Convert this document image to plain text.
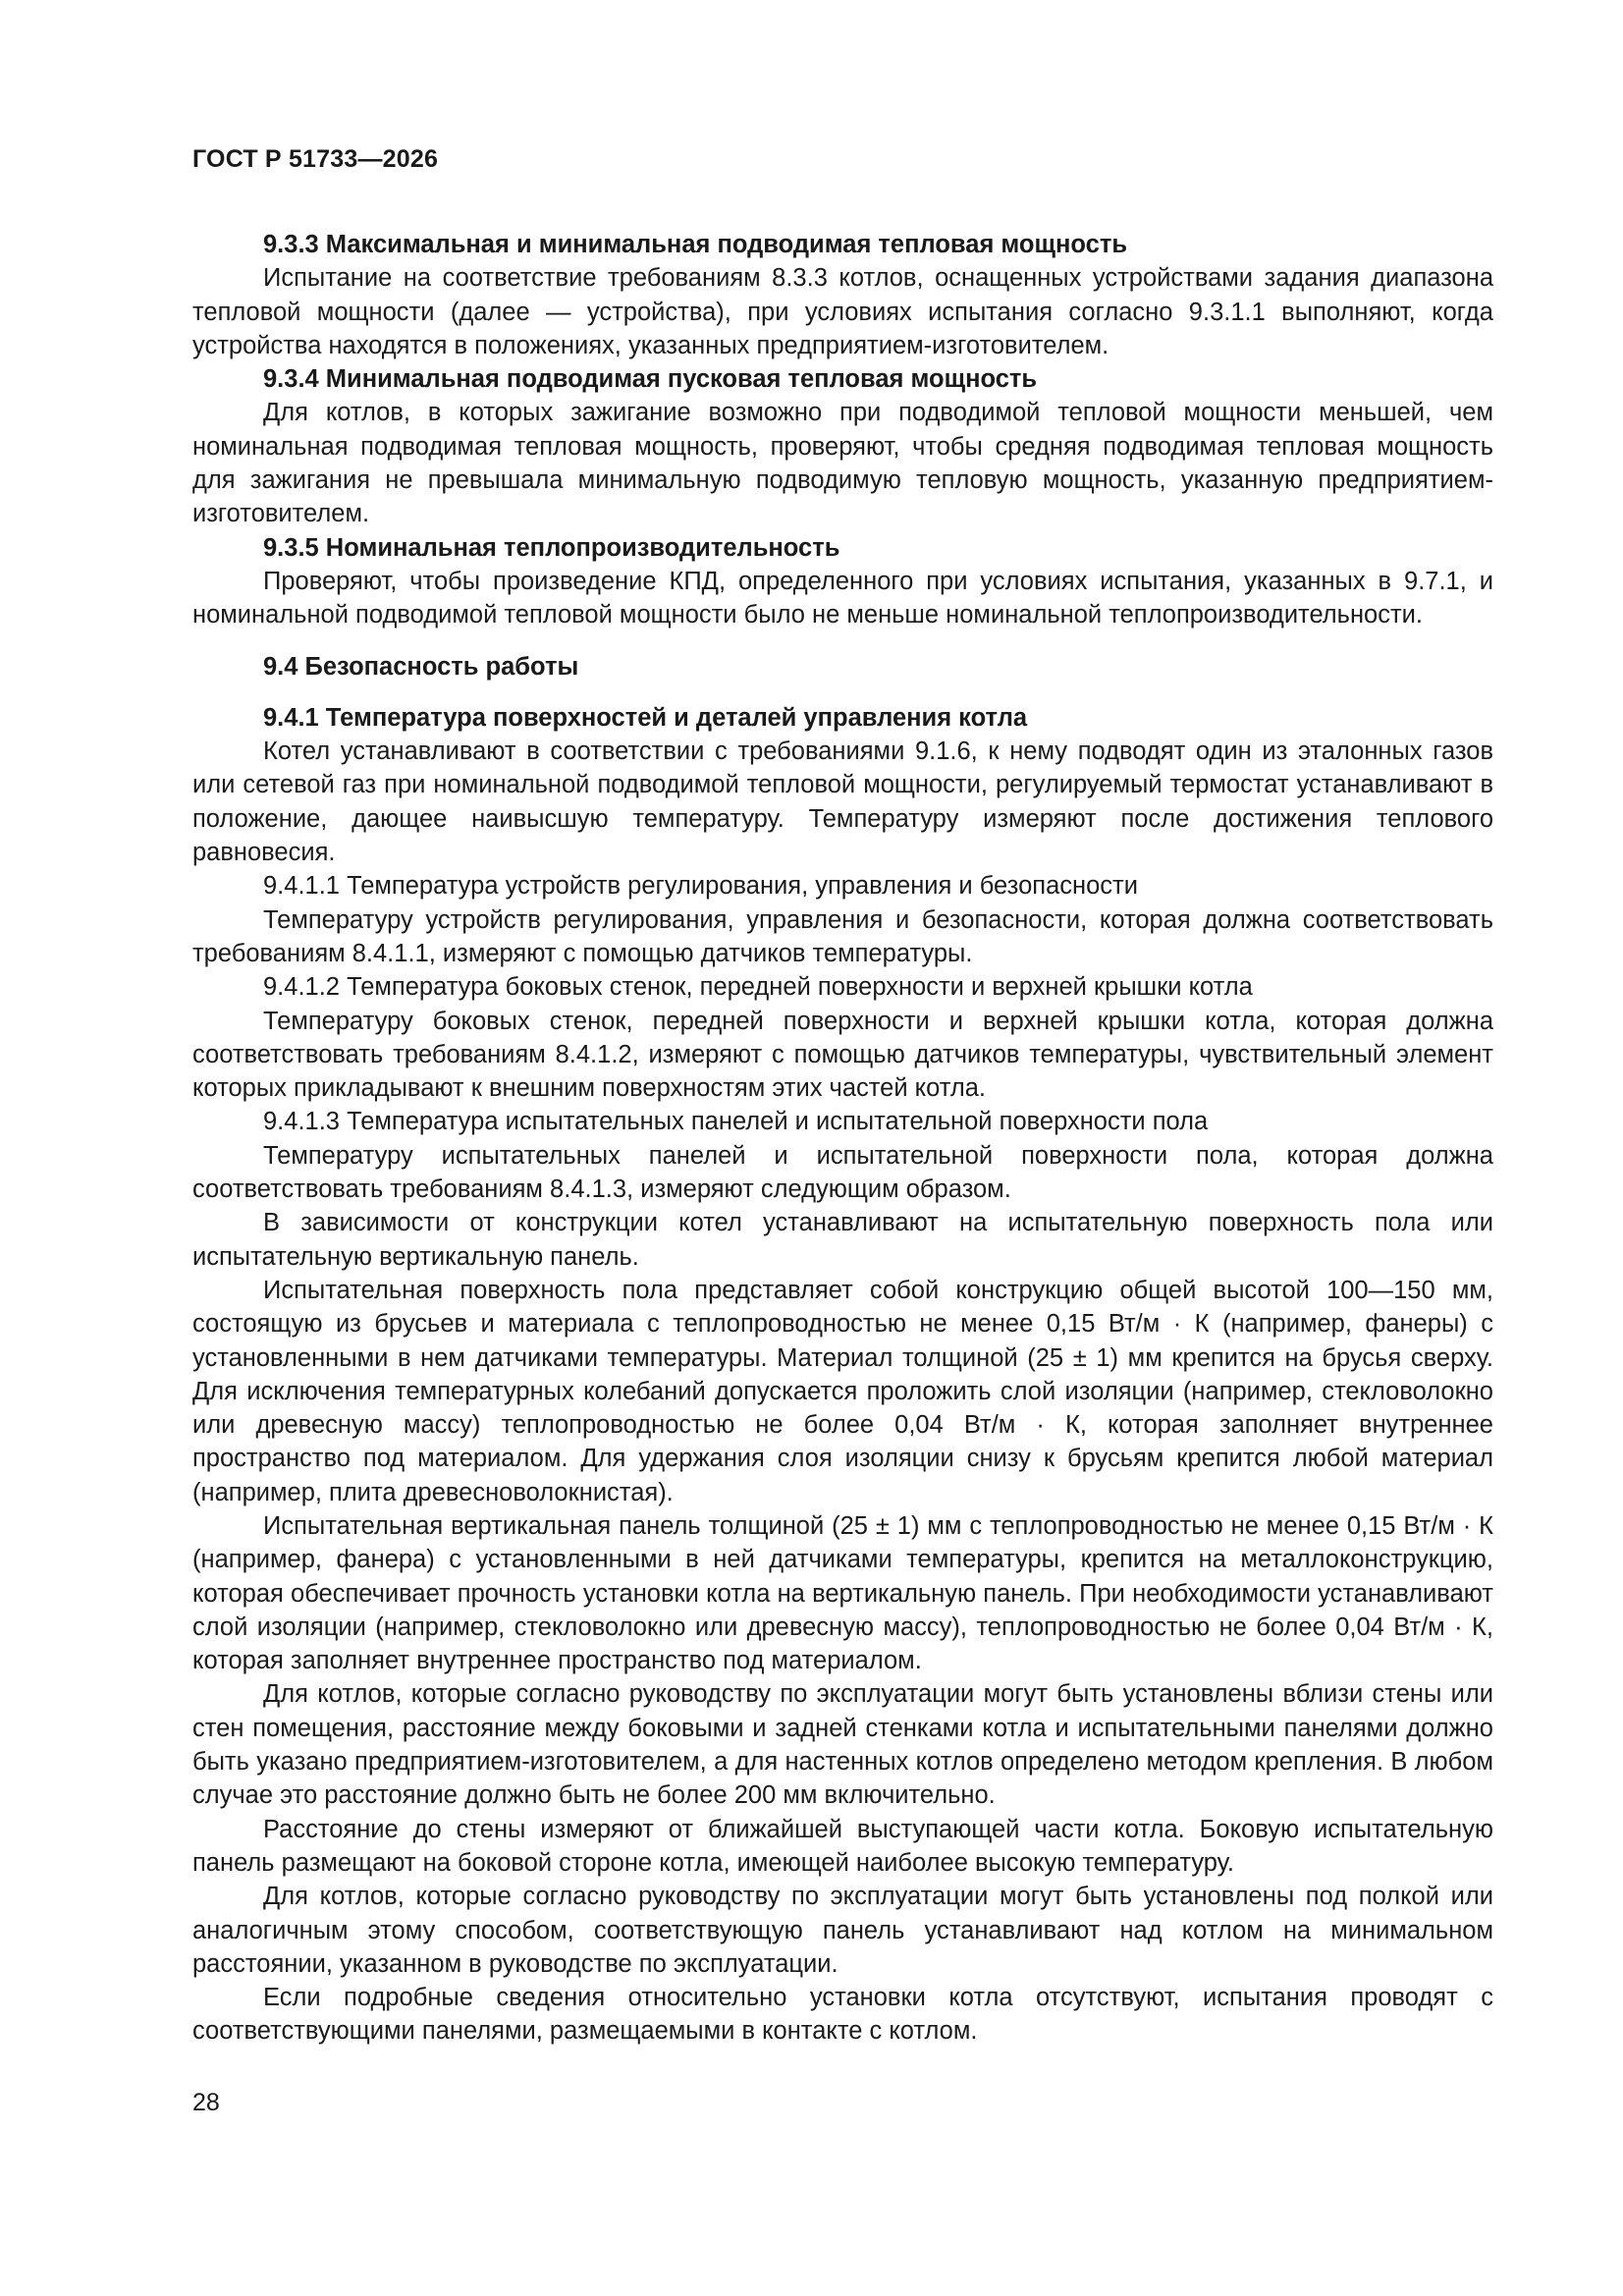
ГОСТ Р 51733—2026

9.3.3 Максимальная и минимальная подводимая тепловая мощность

Испытание на соответствие требованиям 8.3.3 котлов, оснащенных устройствами задания диапазона тепловой мощности (далее — устройства), при условиях испытания согласно 9.3.1.1 выполняют, когда устройства находятся в положениях, указанных предприятием-изготовителем.

9.3.4 Минимальная подводимая пусковая тепловая мощность

Для котлов, в которых зажигание возможно при подводимой тепловой мощности меньшей, чем номинальная подводимая тепловая мощность, проверяют, чтобы средняя подводимая тепловая мощность для зажигания не превышала минимальную подводимую тепловую мощность, указанную предприятием-изготовителем.

9.3.5 Номинальная теплопроизводительность

Проверяют, чтобы произведение КПД, определенного при условиях испытания, указанных в 9.7.1, и номинальной подводимой тепловой мощности было не меньше номинальной теплопроизводительности.

9.4 Безопасность работы

9.4.1 Температура поверхностей и деталей управления котла

Котел устанавливают в соответствии с требованиями 9.1.6, к нему подводят один из эталонных газов или сетевой газ при номинальной подводимой тепловой мощности, регулируемый термостат устанавливают в положение, дающее наивысшую температуру. Температуру измеряют после достижения теплового равновесия.

9.4.1.1 Температура устройств регулирования, управления и безопасности

Температуру устройств регулирования, управления и безопасности, которая должна соответствовать требованиям 8.4.1.1, измеряют с помощью датчиков температуры.

9.4.1.2 Температура боковых стенок, передней поверхности и верхней крышки котла

Температуру боковых стенок, передней поверхности и верхней крышки котла, которая должна соответствовать требованиям 8.4.1.2, измеряют с помощью датчиков температуры, чувствительный элемент которых прикладывают к внешним поверхностям этих частей котла.

9.4.1.3 Температура испытательных панелей и испытательной поверхности пола

Температуру испытательных панелей и испытательной поверхности пола, которая должна соответствовать требованиям 8.4.1.3, измеряют следующим образом.

В зависимости от конструкции котел устанавливают на испытательную поверхность пола или испытательную вертикальную панель.

Испытательная поверхность пола представляет собой конструкцию общей высотой 100—150 мм, состоящую из брусьев и материала с теплопроводностью не менее 0,15 Вт/м · К (например, фанеры) с установленными в нем датчиками температуры. Материал толщиной (25 ± 1) мм крепится на брусья сверху. Для исключения температурных колебаний допускается проложить слой изоляции (например, стекловолокно или древесную массу) теплопроводностью не более 0,04 Вт/м · К, которая заполняет внутреннее пространство под материалом. Для удержания слоя изоляции снизу к брусьям крепится любой материал (например, плита древесноволокнистая).

Испытательная вертикальная панель толщиной (25 ± 1) мм с теплопроводностью не менее 0,15 Вт/м · К (например, фанера) с установленными в ней датчиками температуры, крепится на металлоконструкцию, которая обеспечивает прочность установки котла на вертикальную панель. При необходимости устанавливают слой изоляции (например, стекловолокно или древесную массу), теплопроводностью не более 0,04 Вт/м · К, которая заполняет внутреннее пространство под материалом.

Для котлов, которые согласно руководству по эксплуатации могут быть установлены вблизи стены или стен помещения, расстояние между боковыми и задней стенками котла и испытательными панелями должно быть указано предприятием-изготовителем, а для настенных котлов определено методом крепления. В любом случае это расстояние должно быть не более 200 мм включительно.

Расстояние до стены измеряют от ближайшей выступающей части котла. Боковую испытательную панель размещают на боковой стороне котла, имеющей наиболее высокую температуру.

Для котлов, которые согласно руководству по эксплуатации могут быть установлены под полкой или аналогичным этому способом, соответствующую панель устанавливают над котлом на минимальном расстоянии, указанном в руководстве по эксплуатации.

Если подробные сведения относительно установки котла отсутствуют, испытания проводят с соответствующими панелями, размещаемыми в контакте с котлом.

28
